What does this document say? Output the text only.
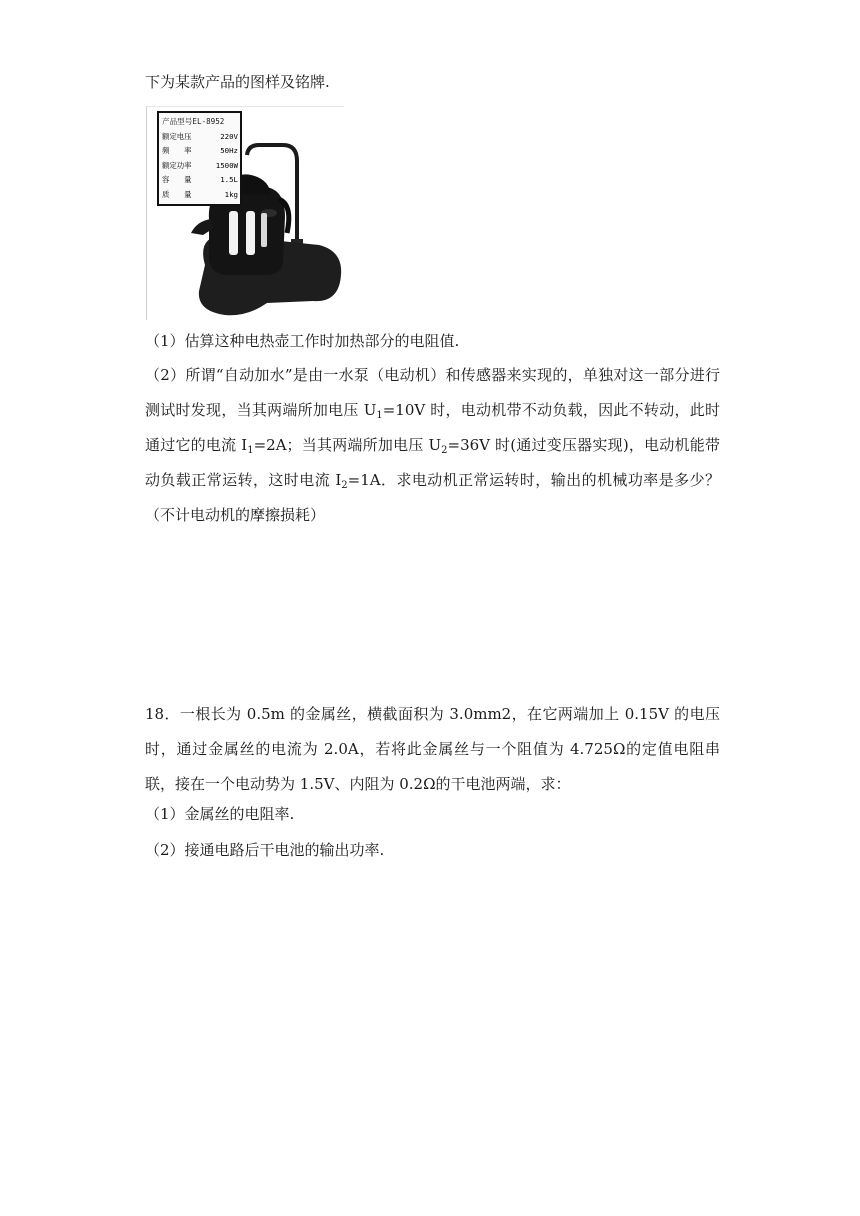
下为某款产品的图样及铭牌.
产品型号EL-8952
额定电压	220V
频　　率	50Hz
额定功率	1500W
容　　量	1.5L
质　　量	1kg
（1）估算这种电热壶工作时加热部分的电阻值.
（2）所谓“自动加水”是由一水泵（电动机）和传感器来实现的，单独对这一部分进行测试时发现，当其两端所加电压 $U_1=10V$ 时，电动机带不动负载，因此不转动，此时通过它的电流 $I_1=2A$；当其两端所加电压 $U_2=36V$ 时(通过变压器实现)，电动机能带动负载正常运转，这时电流 $I_2=1A$．求电动机正常运转时，输出的机械功率是多少？（不计电动机的摩擦损耗）
18．一根长为 0.5m 的金属丝，横截面积为 3.0mm2，在它两端加上 0.15V 的电压时，通过金属丝的电流为 2.0A，若将此金属丝与一个阻值为 4.725Ω的定值电阻串联，接在一个电动势为 1.5V、内阻为 0.2Ω的干电池两端，求：
（1）金属丝的电阻率.
（2）接通电路后干电池的输出功率.
